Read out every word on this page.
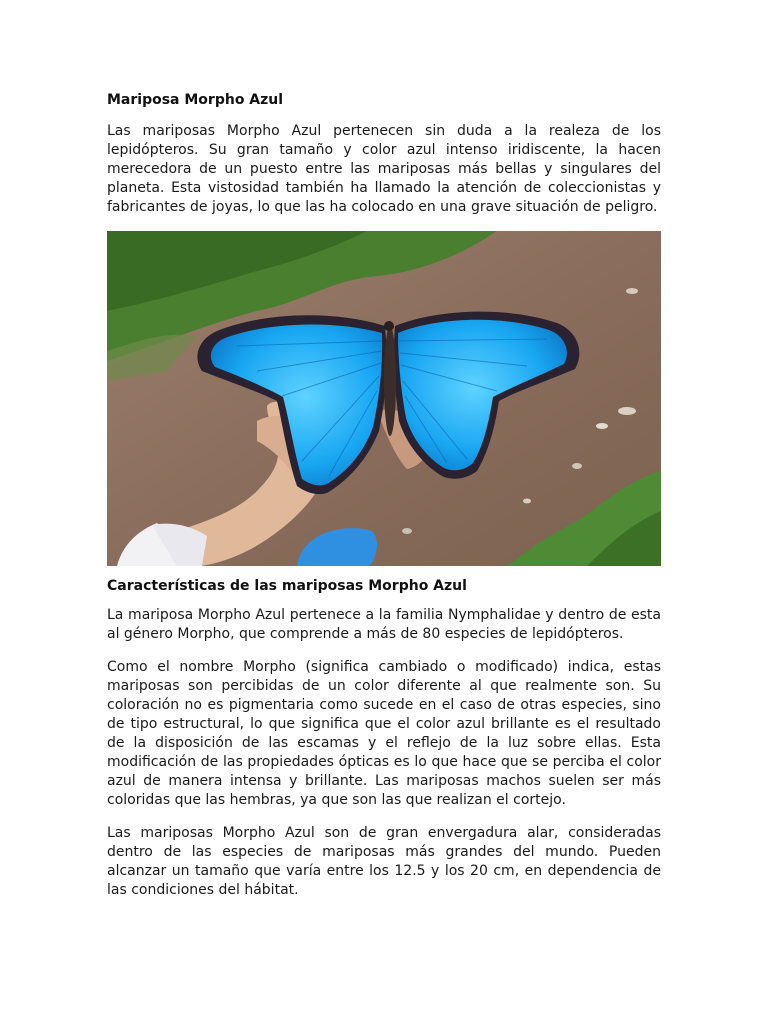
Mariposa Morpho Azul

Las mariposas Morpho Azul pertenecen sin duda a la realeza de los lepidópteros. Su gran tamaño y color azul intenso iridiscente, la hacen merecedora de un puesto entre las mariposas más bellas y singulares del planeta. Esta vistosidad también ha llamado la atención de coleccionistas y fabricantes de joyas, lo que las ha colocado en una grave situación de peligro.

Características de las mariposas Morpho Azul

La mariposa Morpho Azul pertenece a la familia Nymphalidae y dentro de esta al género Morpho, que comprende a más de 80 especies de lepidópteros.

Como el nombre Morpho (significa cambiado o modificado) indica, estas mariposas son percibidas de un color diferente al que realmente son. Su coloración no es pigmentaria como sucede en el caso de otras especies, sino de tipo estructural, lo que significa que el color azul brillante es el resultado de la disposición de las escamas y el reflejo de la luz sobre ellas. Esta modificación de las propiedades ópticas es lo que hace que se perciba el color azul de manera intensa y brillante. Las mariposas machos suelen ser más coloridas que las hembras, ya que son las que realizan el cortejo.

Las mariposas Morpho Azul son de gran envergadura alar, consideradas dentro de las especies de mariposas más grandes del mundo. Pueden alcanzar un tamaño que varía entre los 12.5 y los 20 cm, en dependencia de las condiciones del hábitat.
